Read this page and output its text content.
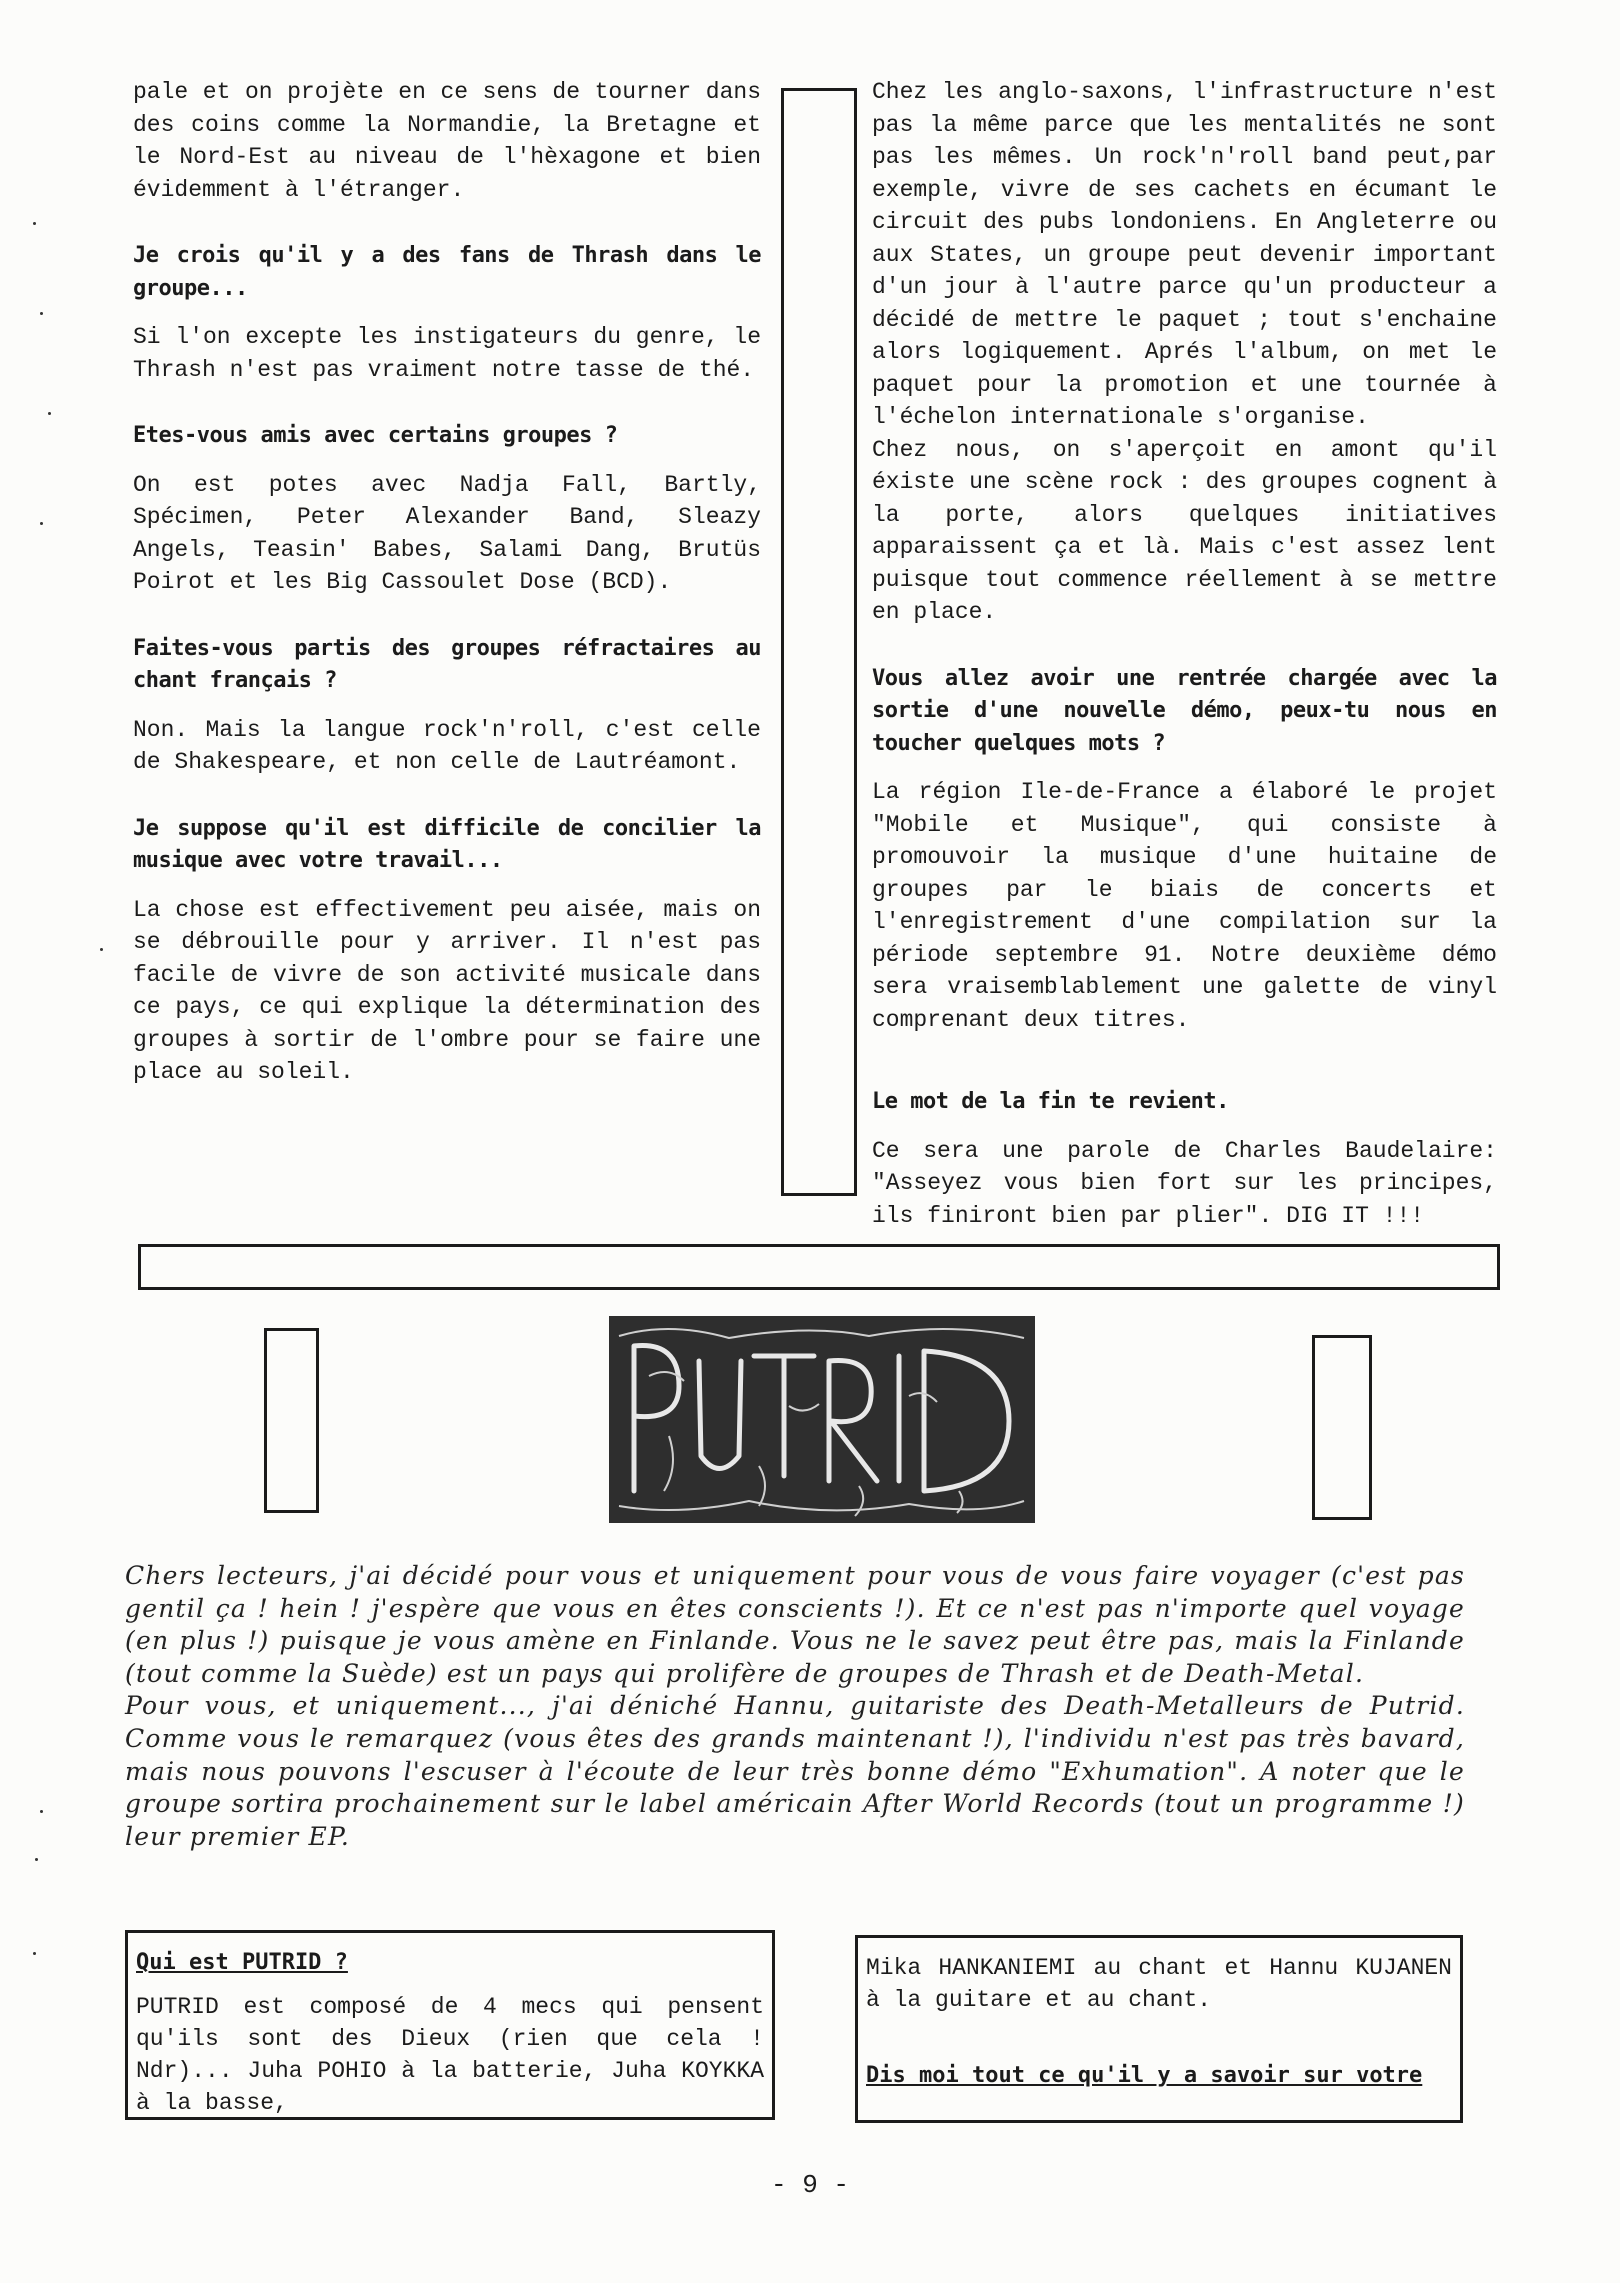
pale et on projète en ce sens de tourner dans des coins comme la Normandie, la Bretagne et le Nord-Est au niveau de l'hèxagone et bien évidemment à l'étranger.

Je crois qu'il y a des fans de Thrash dans le groupe...

Si l'on excepte les instigateurs du genre, le Thrash n'est pas vraiment notre tasse de thé.

Etes-vous amis avec certains groupes ?

On est potes avec Nadja Fall, Bartly, Spécimen, Peter Alexander Band, Sleazy Angels, Teasin' Babes, Salami Dang, Brutüs Poirot et les Big Cassoulet Dose (BCD).

Faites-vous partis des groupes réfractaires au chant français ?

Non. Mais la langue rock'n'roll, c'est celle de Shakespeare, et non celle de Lautréamont.

Je suppose qu'il est difficile de concilier la musique avec votre travail...

La chose est effectivement peu aisée, mais on se débrouille pour y arriver. Il n'est pas facile de vivre de son activité musicale dans ce pays, ce qui explique la détermination des groupes à sortir de l'ombre pour se faire une place au soleil.

Chez les anglo-saxons, l'infrastructure n'est pas la même parce que les mentalités ne sont pas les mêmes. Un rock'n'roll band peut,par exemple, vivre de ses cachets en écumant le circuit des pubs londoniens. En Angleterre ou aux States, un groupe peut devenir important d'un jour à l'autre parce qu'un producteur a décidé de mettre le paquet ; tout s'enchaine alors logiquement. Aprés l'album, on met le paquet pour la promotion et une tournée à l'échelon internationale s'organise.

Chez nous, on s'aperçoit en amont qu'il éxiste une scène rock : des groupes cognent à la porte, alors quelques initiatives apparaissent ça et là. Mais c'est assez lent puisque tout commence réellement à se mettre en place.

Vous allez avoir une rentrée chargée avec la sortie d'une nouvelle démo, peux-tu nous en toucher quelques mots ?

La région Ile-de-France a élaboré le projet "Mobile et Musique", qui consiste à promouvoir la musique d'une huitaine de groupes par le biais de concerts et l'enregistrement d'une compilation sur la période septembre 91. Notre deuxième démo sera vraisemblablement une galette de vinyl comprenant deux titres.

Le mot de la fin te revient.

Ce sera une parole de Charles Baudelaire: "Asseyez vous bien fort sur les principes, ils finiront bien par plier". DIG IT !!!

Chers lecteurs, j'ai décidé pour vous et uniquement pour vous de vous faire voyager (c'est pas gentil ça ! hein ! j'espère que vous en êtes conscients !). Et ce n'est pas n'importe quel voyage (en plus !) puisque je vous amène en Finlande. Vous ne le savez peut être pas, mais la Finlande (tout comme la Suède) est un pays qui prolifère de groupes de Thrash et de Death-Metal.

Pour vous, et uniquement..., j'ai déniché Hannu, guitariste des Death-Metalleurs de Putrid. Comme vous le remarquez (vous êtes des grands maintenant !), l'individu n'est pas très bavard, mais nous pouvons l'escuser à l'écoute de leur très bonne démo "Exhumation". A noter que le groupe sortira prochainement sur le label américain After World Records (tout un programme !) leur premier EP.

Qui est PUTRID ?

PUTRID est composé de 4 mecs qui pensent qu'ils sont des Dieux (rien que cela ! Ndr)... Juha POHIO à la batterie, Juha KOYKKA à la basse,

Mika HANKANIEMI au chant et Hannu KUJANEN à la guitare et au chant.

Dis moi tout ce qu'il y a savoir sur votre

- 9 -
